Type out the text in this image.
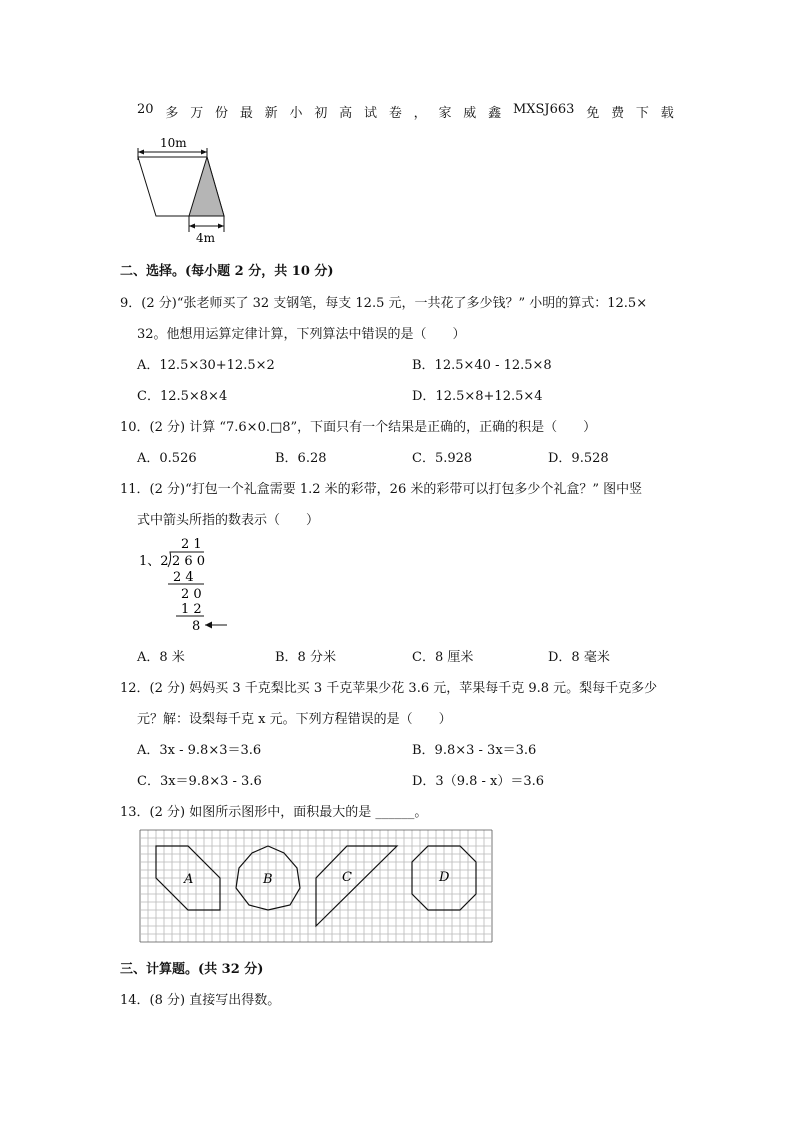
20 多 万 份 最 新 小 初 高 试 卷 ， 家 威 鑫 MXSJ663 免 费 下 载
10m
4m
二、选择。(每小题 2 分，共 10 分)
9．(2 分)“张老师买了 32 支钢笔，每支 12.5 元，一共花了多少钱？” 小明的算式：12.5×
32。他想用运算定律计算，下列算法中错误的是（　　）
A．12.5×30+12.5×2	B．12.5×40 - 12.5×8
C．12.5×8×4	D．12.5×8+12.5×4
10．(2 分) 计算 “7.6×0.□8”，下面只有一个结果是正确的，正确的积是（　　）
A．0.526	B．6.28	C．5.928	D．9.528
11．(2 分)“打包一个礼盒需要 1.2 米的彩带，26 米的彩带可以打包多少个礼盒？” 图中竖
式中箭头所指的数表示（　　）
2 1
1、2 2 6 0
2 4
2 0
1 2
8
A．8 米	B．8 分米	C．8 厘米	D．8 毫米
12．(2 分) 妈妈买 3 千克梨比买 3 千克苹果少花 3.6 元，苹果每千克 9.8 元。梨每千克多少
元？解：设梨每千克 x 元。下列方程错误的是（　　）
A．3x - 9.8×3＝3.6	B．9.8×3 - 3x＝3.6
C．3x＝9.8×3 - 3.6	D．3（9.8 - x）＝3.6
13．(2 分) 如图所示图形中，面积最大的是 ______。
A	B	C	D
三、计算题。(共 32 分)
14．(8 分) 直接写出得数。
